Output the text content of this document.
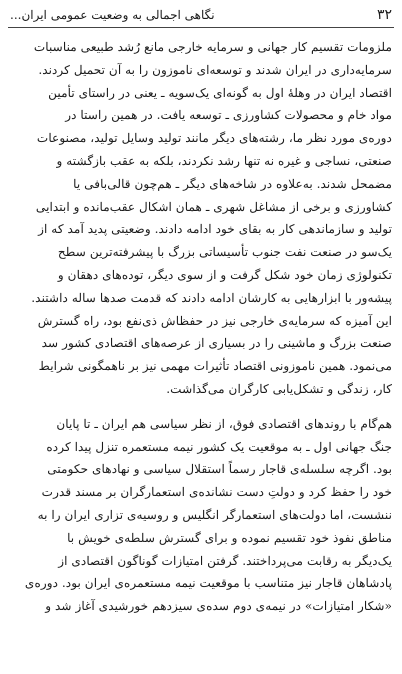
۳۲
نگاهی اجمالی به وضعیت عمومی ایران...
ملزومات تقسیم کار جهانی و سرمایه خارجی مانع رُشد طبیعی مناسبات
سرمایه‌داری در ایران شدند و توسعه‌ای ناموزون را به آن تحمیل کردند.
اقتصاد ایران در وهلهٔ اول به گونه‌ای یک‌سویه ـ یعنی در راستای تأمین
مواد خام و محصولات کشاورزی ـ توسعه یافت. در همین راستا در
دوره‌ی مورد نظر ما، رشته‌های دیگر مانند تولید وسایل تولید، مصنوعات
صنعتی، نساجی و غیره نه تنها رشد نکردند، بلکه به عقب بازگشته و
مضمحل شدند. به‌علاوه در شاخه‌های دیگر ـ هم‌چون قالی‌بافی یا
کشاورزی و برخی از مشاغل شهری ـ همان اشکال عقب‌مانده و ابتدایی
تولید و سازماندهی کار به بقای خود ادامه دادند. وضعیتی پدید آمد که از
یک‌سو در صنعت نفت جنوب تأسیساتی بزرگ با پیشرفته‌ترین سطح
تکنولوژی زمان خود شکل گرفت و از سوی دیگر، توده‌های دهقان و
پیشه‌ور با ابزارهایی به کارشان ادامه دادند که قدمت صدها ساله داشتند.
این آمیزه که سرمایه‌ی خارجی نیز در حفظاش ذی‌نفع بود، راه گسترش
صنعت بزرگ و ماشینی را در بسیاری از عرصه‌های اقتصادی کشور سد
می‌نمود. همین ناموزونی اقتصاد تأثیرات مهمی نیز بر ناهمگونی شرایط
کار، زندگی و تشکل‌یابی کارگران می‌گذاشت.
هم‌گام با روندهای اقتصادی فوق، از نظر سیاسی هم ایران ـ تا پایان
جنگ جهانی اول ـ به موقعیت یک کشور نیمه مستعمره تنزل پیدا کرده
بود. اگرچه سلسله‌ی قاجار رسماً استقلال سیاسی و نهادهای حکومتی
خود را حفظ کرد و دولتِ دست نشانده‌ی استعمارگران بر مسند قدرت
ننشست، اما دولت‌های استعمارگر انگلیس و روسیه‌ی تزاری ایران را به
مناطق نفوذ خود تقسیم نموده و برای گسترش سلطه‌ی خویش با
یک‌دیگر به رقابت می‌پرداختند. گرفتن امتیازات گوناگون اقتصادی از
پادشاهان قاجار نیز متناسب با موقعیت نیمه مستعمره‌ی ایران بود. دوره‌ی
«شکار امتیازات» در نیمه‌ی دوم سده‌ی سیزدهم خورشیدی آغاز شد و
